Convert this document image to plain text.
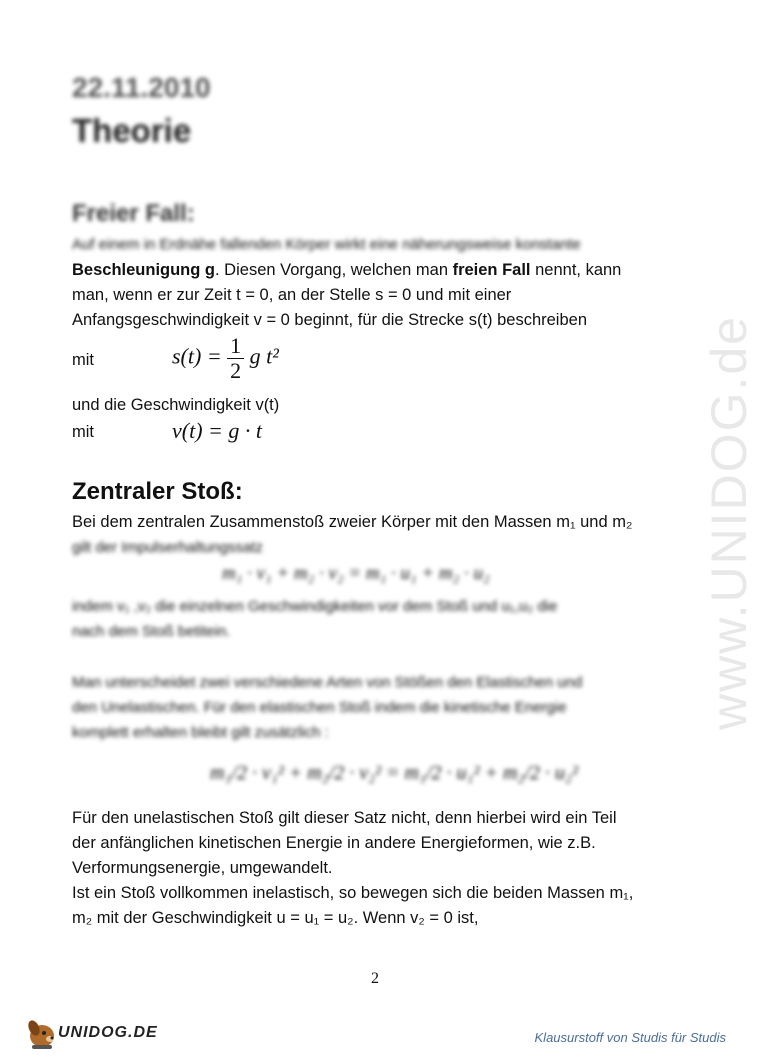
22.11.2010
Theorie
www.UNIDOG.de
Freier Fall:
Auf einem in Erdnähe fallenden Körper wirkt eine näherungsweise konstante
Beschleunigung g. Diesen Vorgang, welchen man freien Fall nennt, kann
man, wenn er zur Zeit t = 0, an der Stelle s = 0 und mit einer
Anfangsgeschwindigkeit v = 0 beginnt, für die Strecke s(t) beschreiben
mit	$s(t) = \frac{1}{2}$ g t²
und die Geschwindigkeit v(t)
mit	v(t) = g · t
Zentraler Stoß:
Bei dem zentralen Zusammenstoß zweier Körper mit den Massen m₁ und m₂
gilt der Impulserhaltungssatz
m₁ · v₁ + m₂ · v₂ = m₁ · u₁ + m₂ · u₂
indem v₁ ,v₂ die einzelnen Geschwindigkeiten vor dem Stoß und u₁,u₂ die
nach dem Stoß betitein.
Man unterscheidet zwei verschiedene Arten von Stößen den Elastischen und
den Unelastischen. Für den elastischen Stoß indem die kinetische Energie
komplett erhalten bleibt gilt zusätzlich :
m₁/2 · v₁² + m₂/2 · v₂² = m₁/2 · u₁² + m₂/2 · u₂²
Für den unelastischen Stoß gilt dieser Satz nicht, denn hierbei wird ein Teil
der anfänglichen kinetischen Energie in andere Energieformen, wie z.B.
Verformungsenergie, umgewandelt.
Ist ein Stoß vollkommen inelastisch, so bewegen sich die beiden Massen m₁,
m₂ mit der Geschwindigkeit u = u₁ = u₂. Wenn v₂ = 0 ist,
2
UNIDOG.DE	Klausurstoff von Studis für Studis
